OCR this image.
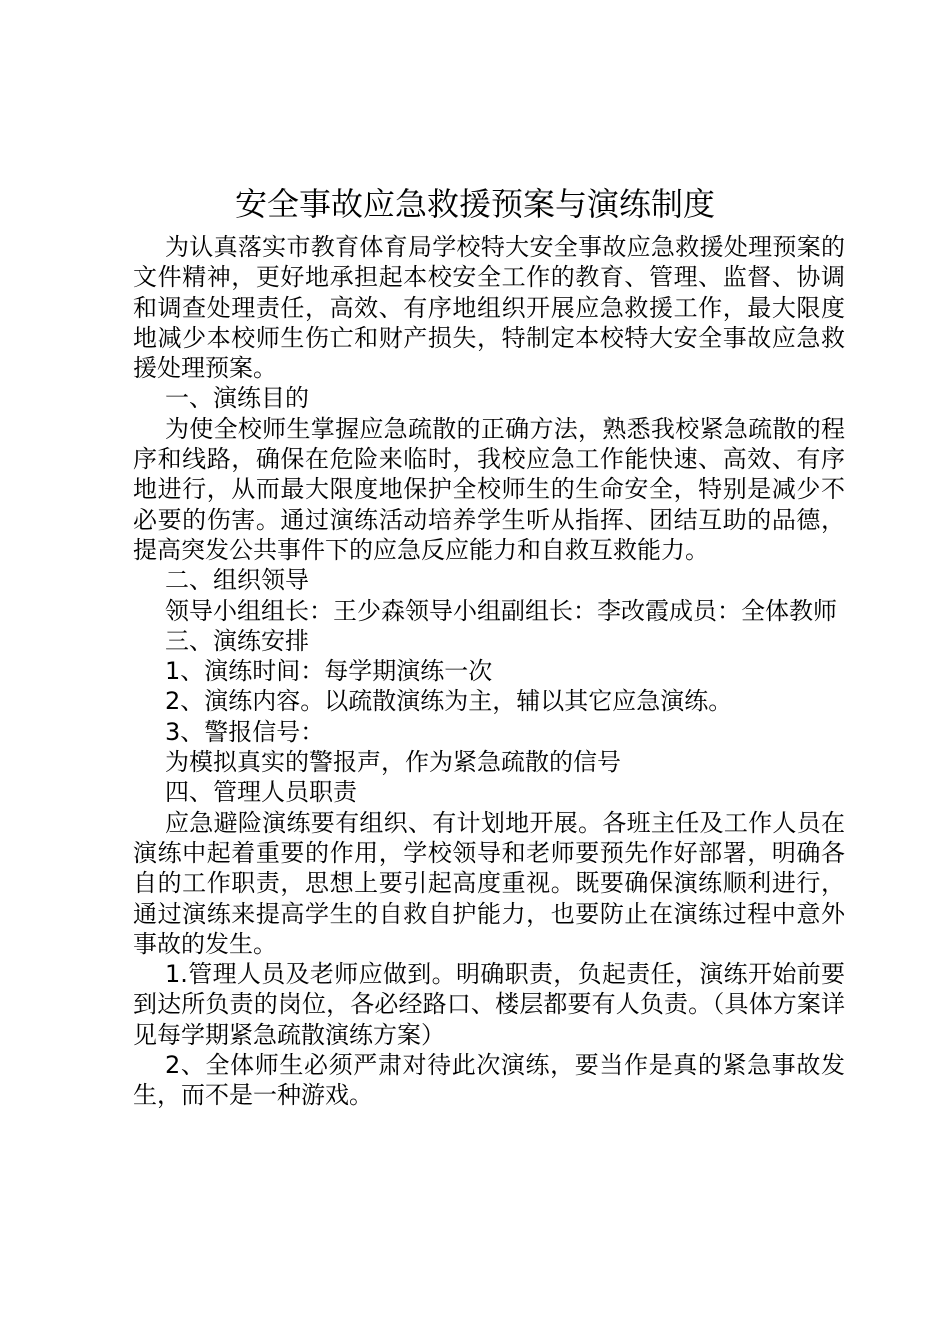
安全事故应急救援预案与演练制度

为认真落实市教育体育局学校特大安全事故应急救援处理预案的文件精神，更好地承担起本校安全工作的教育、管理、监督、协调和调查处理责任，高效、有序地组织开展应急救援工作，最大限度地减少本校师生伤亡和财产损失，特制定本校特大安全事故应急救援处理预案。

一、演练目的

为使全校师生掌握应急疏散的正确方法，熟悉我校紧急疏散的程序和线路，确保在危险来临时，我校应急工作能快速、高效、有序地进行，从而最大限度地保护全校师生的生命安全，特别是减少不必要的伤害。通过演练活动培养学生听从指挥、团结互助的品德，提高突发公共事件下的应急反应能力和自救互救能力。

二、组织领导

领导小组组长：王少森领导小组副组长：李改霞成员：全体教师

三、演练安排

1、演练时间：每学期演练一次

2、演练内容。以疏散演练为主，辅以其它应急演练。

3、警报信号：

为模拟真实的警报声，作为紧急疏散的信号

四、管理人员职责

应急避险演练要有组织、有计划地开展。各班主任及工作人员在演练中起着重要的作用，学校领导和老师要预先作好部署，明确各自的工作职责，思想上要引起高度重视。既要确保演练顺利进行，通过演练来提高学生的自救自护能力，也要防止在演练过程中意外事故的发生。

1.管理人员及老师应做到。明确职责，负起责任，演练开始前要到达所负责的岗位，各必经路口、楼层都要有人负责。（具体方案详见每学期紧急疏散演练方案）

2、全体师生必须严肃对待此次演练，要当作是真的紧急事故发生，而不是一种游戏。
